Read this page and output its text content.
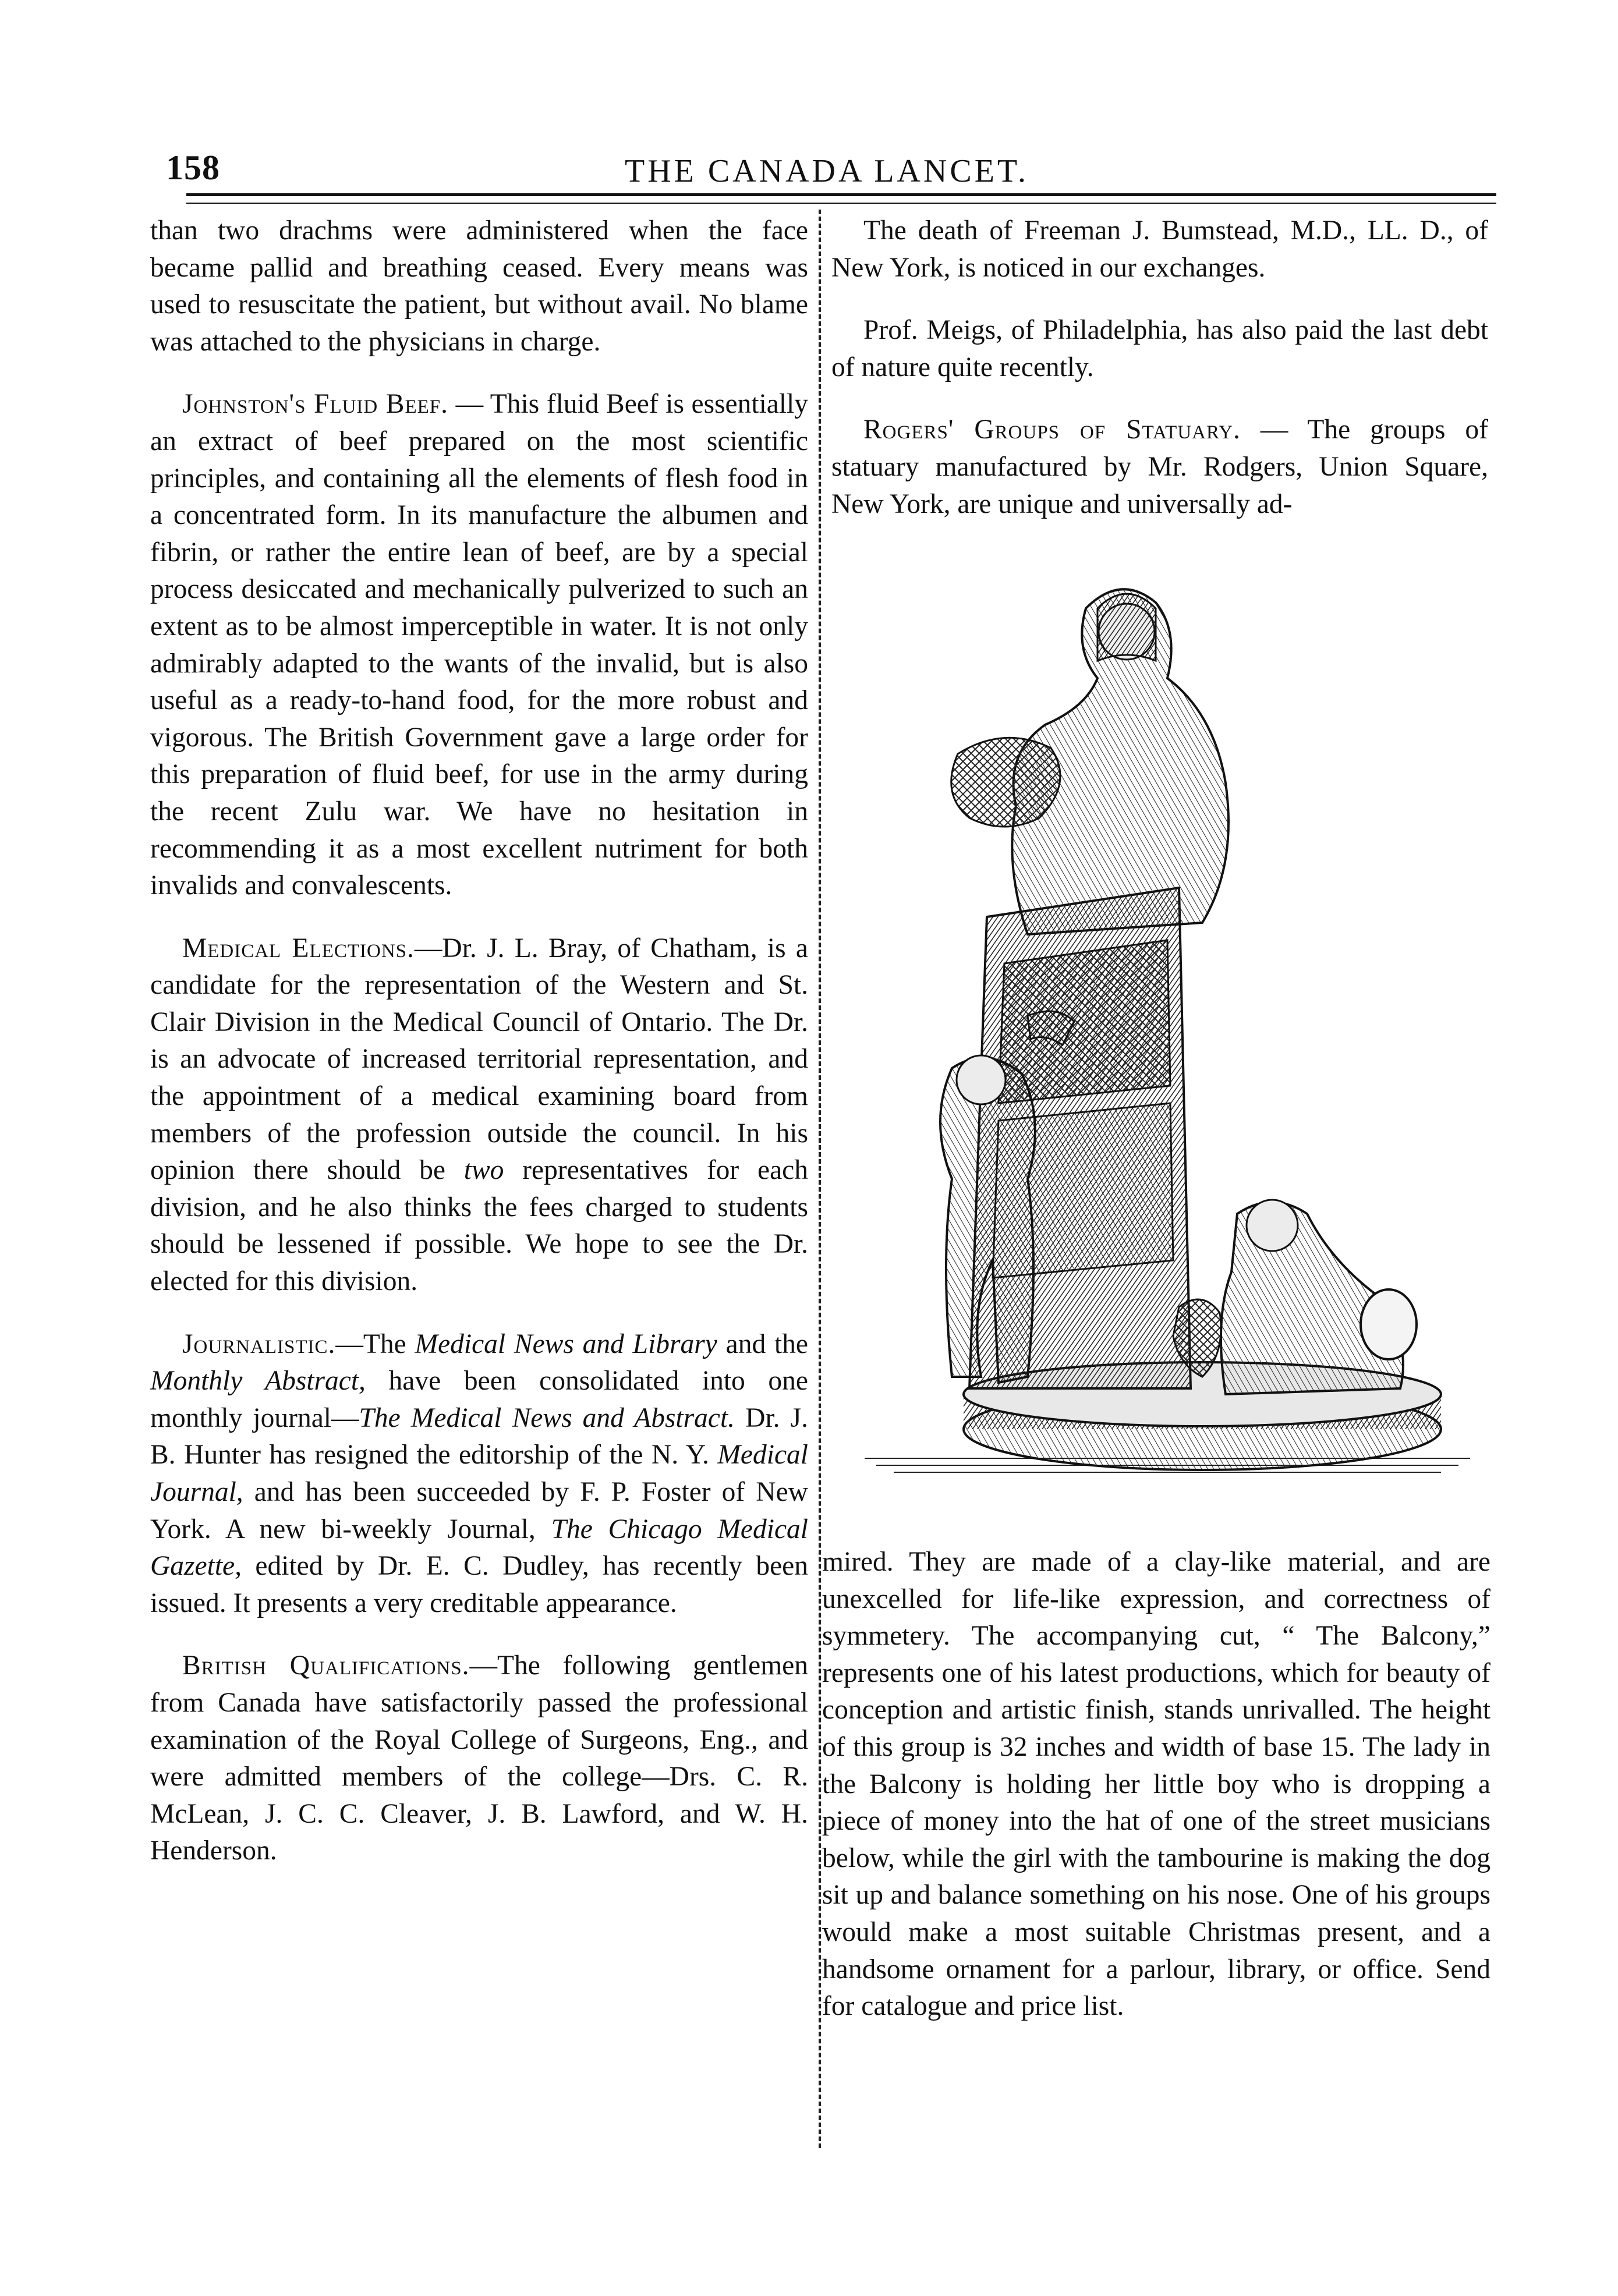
158	THE CANADA LANCET.

than two drachms were administered when the face became pallid and breathing ceased. Every means was used to resuscitate the patient, but without avail. No blame was attached to the physicians in charge.

Johnston's Fluid Beef. — This fluid Beef is essentially an extract of beef prepared on the most scientific principles, and containing all the elements of flesh food in a concentrated form. In its manufacture the albumen and fibrin, or rather the entire lean of beef, are by a special process desiccated and mechanically pulverized to such an extent as to be almost imperceptible in water. It is not only admirably adapted to the wants of the invalid, but is also useful as a ready-to-hand food, for the more robust and vigorous. The British Government gave a large order for this preparation of fluid beef, for use in the army during the recent Zulu war. We have no hesitation in recommending it as a most excellent nutriment for both invalids and convalescents.

Medical Elections.—Dr. J. L. Bray, of Chatham, is a candidate for the representation of the Western and St. Clair Division in the Medical Council of Ontario. The Dr. is an advocate of increased territorial representation, and the appointment of a medical examining board from members of the profession outside the council. In his opinion there should be two representatives for each division, and he also thinks the fees charged to students should be lessened if possible. We hope to see the Dr. elected for this division.

Journalistic.—The Medical News and Library and the Monthly Abstract, have been consolidated into one monthly journal—The Medical News and Abstract. Dr. J. B. Hunter has resigned the editorship of the N. Y. Medical Journal, and has been succeeded by F. P. Foster of New York. A new bi-weekly Journal, The Chicago Medical Gazette, edited by Dr. E. C. Dudley, has recently been issued. It presents a very creditable appearance.

British Qualifications.—The following gentlemen from Canada have satisfactorily passed the professional examination of the Royal College of Surgeons, Eng., and were admitted members of the college—Drs. C. R. McLean, J. C. C. Cleaver, J. B. Lawford, and W. H. Henderson.

The death of Freeman J. Bumstead, M.D., LL. D., of New York, is noticed in our exchanges.

Prof. Meigs, of Philadelphia, has also paid the last debt of nature quite recently.

Rogers' Groups of Statuary. — The groups of statuary manufactured by Mr. Rodgers, Union Square, New York, are unique and universally ad-

mired. They are made of a clay-like material, and are unexcelled for life-like expression, and correctness of symmetery. The accompanying cut, “ The Balcony,” represents one of his latest productions, which for beauty of conception and artistic finish, stands unrivalled. The height of this group is 32 inches and width of base 15. The lady in the Balcony is holding her little boy who is dropping a piece of money into the hat of one of the street musicians below, while the girl with the tambourine is making the dog sit up and balance something on his nose. One of his groups would make a most suitable Christmas present, and a handsome ornament for a parlour, library, or office. Send for catalogue and price list.
